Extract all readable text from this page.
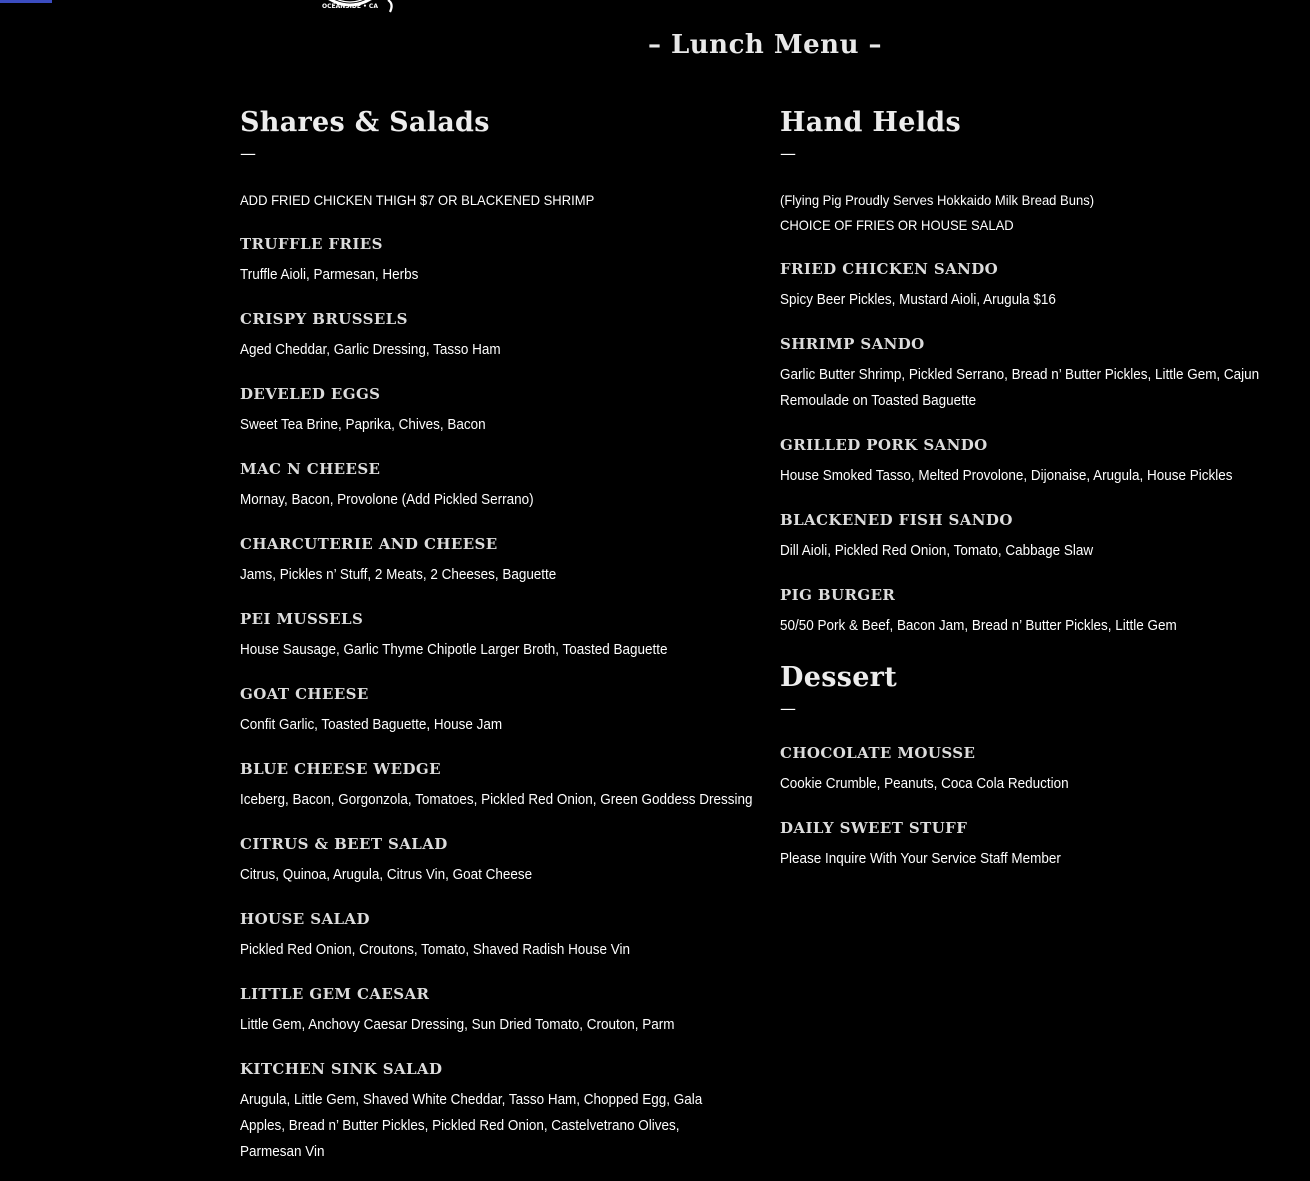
OCEANSIDE • CA
– Lunch Menu –
Shares & Salads
—
ADD FRIED CHICKEN THIGH $7 OR BLACKENED SHRIMP
TRUFFLE FRIES
Truffle Aioli, Parmesan, Herbs
CRISPY BRUSSELS
Aged Cheddar, Garlic Dressing, Tasso Ham
DEVELED EGGS
Sweet Tea Brine, Paprika, Chives, Bacon
MAC N CHEESE
Mornay, Bacon, Provolone (Add Pickled Serrano)
CHARCUTERIE AND CHEESE
Jams, Pickles n’ Stuff, 2 Meats, 2 Cheeses, Baguette
PEI MUSSELS
House Sausage, Garlic Thyme Chipotle Larger Broth, Toasted Baguette
GOAT CHEESE
Confit Garlic, Toasted Baguette, House Jam
BLUE CHEESE WEDGE
Iceberg, Bacon, Gorgonzola, Tomatoes, Pickled Red Onion, Green Goddess Dressing
CITRUS & BEET SALAD
Citrus, Quinoa, Arugula, Citrus Vin, Goat Cheese
HOUSE SALAD
Pickled Red Onion, Croutons, Tomato, Shaved Radish House Vin
LITTLE GEM CAESAR
Little Gem, Anchovy Caesar Dressing, Sun Dried Tomato, Crouton, Parm
KITCHEN SINK SALAD
Arugula, Little Gem, Shaved White Cheddar, Tasso Ham, Chopped Egg, Gala Apples, Bread n’ Butter Pickles, Pickled Red Onion, Castelvetrano Olives, Parmesan Vin
Hand Helds
—
(Flying Pig Proudly Serves Hokkaido Milk Bread Buns)
CHOICE OF FRIES OR HOUSE SALAD
FRIED CHICKEN SANDO
Spicy Beer Pickles, Mustard Aioli, Arugula $16
SHRIMP SANDO
Garlic Butter Shrimp, Pickled Serrano, Bread n’ Butter Pickles, Little Gem, Cajun Remoulade on Toasted Baguette
GRILLED PORK SANDO
House Smoked Tasso, Melted Provolone, Dijonaise, Arugula, House Pickles
BLACKENED FISH SANDO
Dill Aioli, Pickled Red Onion, Tomato, Cabbage Slaw
PIG BURGER
50/50 Pork & Beef, Bacon Jam, Bread n’ Butter Pickles, Little Gem
Dessert
—
CHOCOLATE MOUSSE
Cookie Crumble, Peanuts, Coca Cola Reduction
DAILY SWEET STUFF
Please Inquire With Your Service Staff Member
